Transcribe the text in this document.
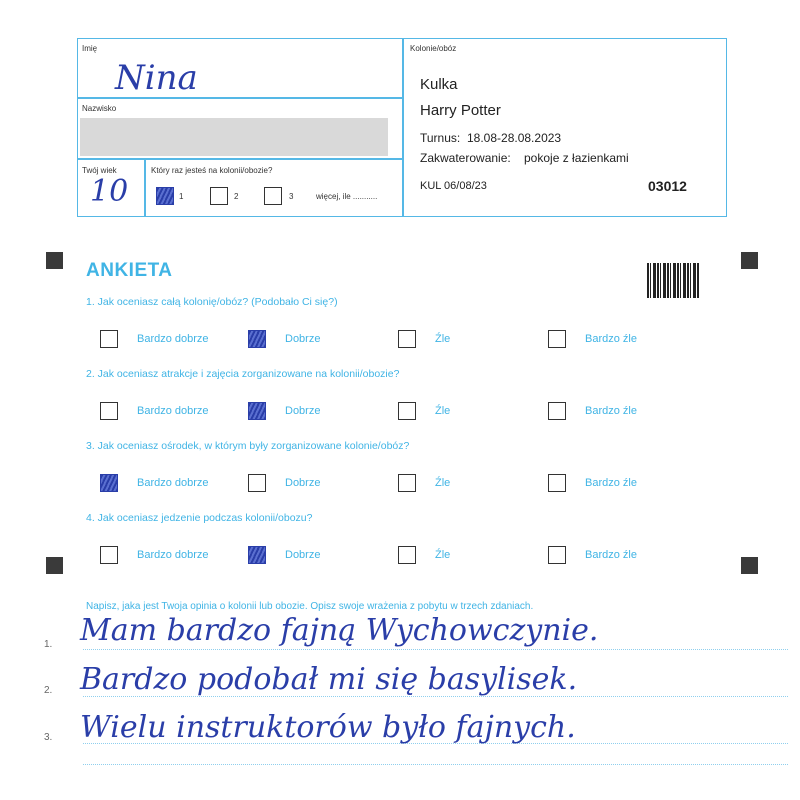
Imię
Nina
Nazwisko
Twój wiek
10
Który raz jesteś na kolonii/obozie?
1	2	3	więcej, ile ...........
Kolonie/obóz
Kulka
Harry Potter
Turnus: 18.08-28.08.2023
Zakwaterowanie: pokoje z łazienkami
KUL 06/08/23	03012
ANKIETA
1. Jak oceniasz całą kolonię/obóz? (Podobało Ci się?)
Bardzo dobrze	Dobrze	Źle	Bardzo źle
2. Jak oceniasz atrakcje i zajęcia zorganizowane na kolonii/obozie?
Bardzo dobrze	Dobrze	Źle	Bardzo źle
3. Jak oceniasz ośrodek, w którym były zorganizowane kolonie/obóz?
Bardzo dobrze	Dobrze	Źle	Bardzo źle
4. Jak oceniasz jedzenie podczas kolonii/obozu?
Bardzo dobrze	Dobrze	Źle	Bardzo źle
Napisz, jaka jest Twoja opinia o kolonii lub obozie. Opisz swoje wrażenia z pobytu w trzech zdaniach.
1.
2.
3.
Mam bardzo fajną Wychowczynie.
Bardzo podobał mi się basylisek.
Wielu instruktorów było fajnych.
